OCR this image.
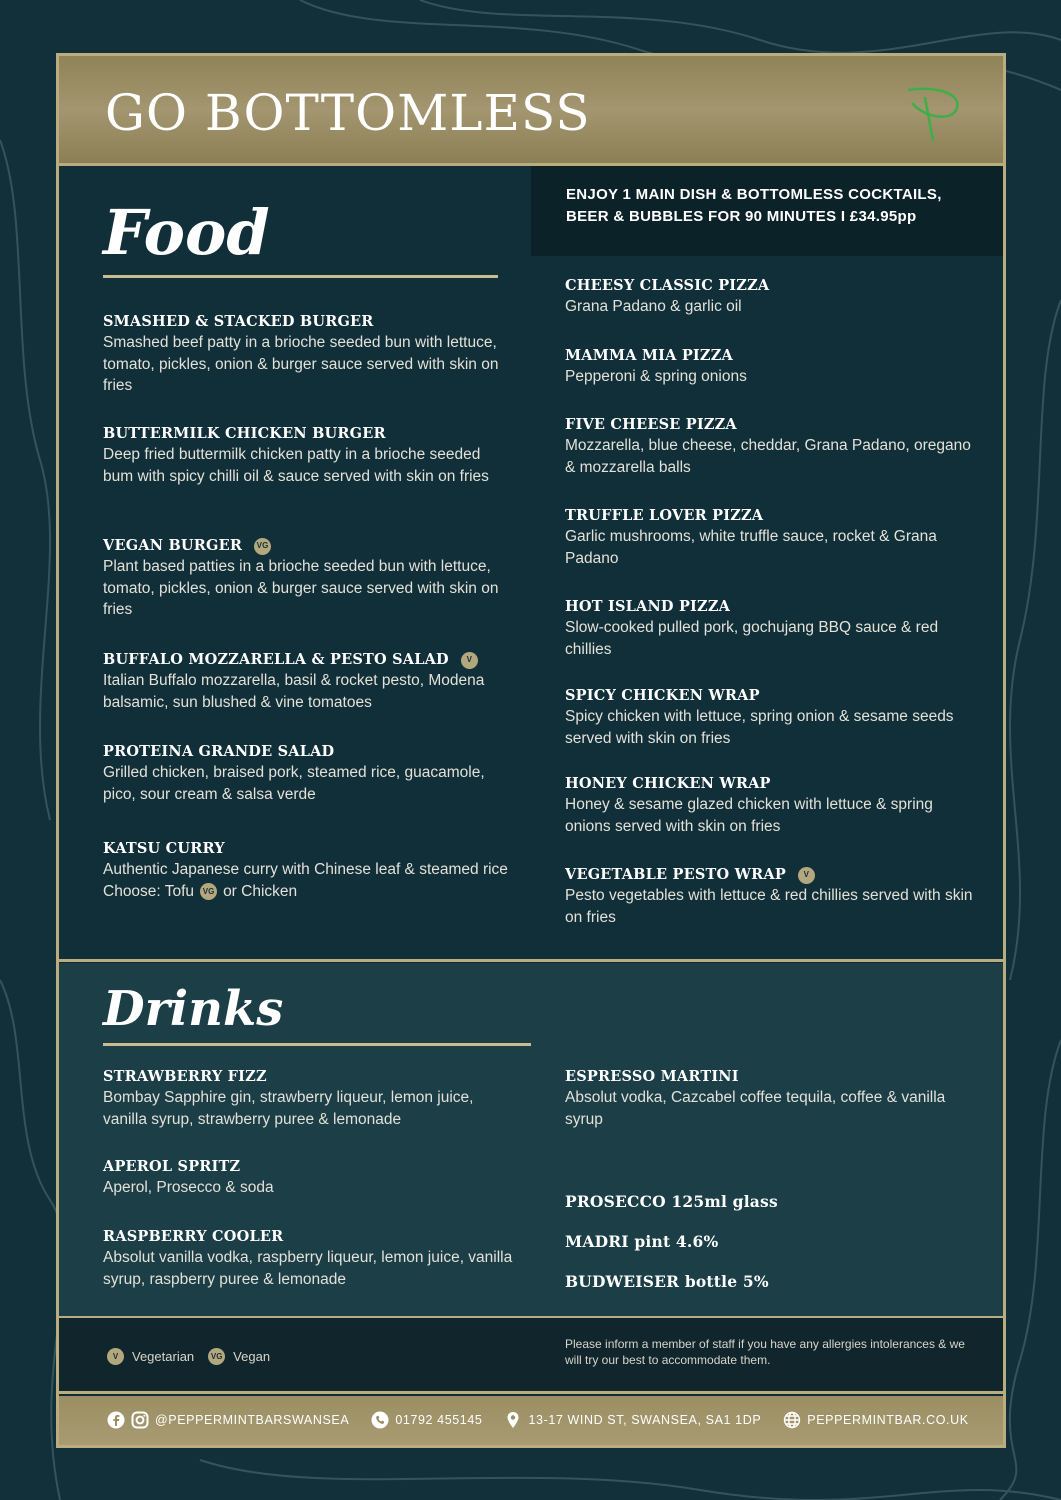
GO BOTTOMLESS
Food
ENJOY 1 MAIN DISH & BOTTOMLESS COCKTAILS, BEER & BUBBLES FOR 90 MINUTES I £34.95pp
SMASHED & STACKED BURGER
Smashed beef patty in a brioche seeded bun with lettuce, tomato, pickles, onion & burger sauce served with skin on fries
BUTTERMILK CHICKEN BURGER
Deep fried buttermilk chicken patty in a brioche seeded bum with spicy chilli oil & sauce served with skin on fries
VEGAN BURGER	VG
Plant based patties in a brioche seeded bun with lettuce, tomato, pickles, onion & burger sauce served with skin on fries
BUFFALO MOZZARELLA & PESTO SALAD	V
Italian Buffalo mozzarella, basil & rocket pesto, Modena balsamic, sun blushed & vine tomatoes
PROTEINA GRANDE SALAD
Grilled chicken, braised pork, steamed rice, guacamole, pico, sour cream & salsa verde
KATSU CURRY
Authentic Japanese curry with Chinese leaf & steamed rice
Choose: Tofu VG or Chicken
CHEESY CLASSIC PIZZA
Grana Padano & garlic oil
MAMMA MIA PIZZA
Pepperoni & spring onions
FIVE CHEESE PIZZA
Mozzarella, blue cheese, cheddar, Grana Padano, oregano & mozzarella balls
TRUFFLE LOVER PIZZA
Garlic mushrooms, white truffle sauce, rocket & Grana Padano
HOT ISLAND PIZZA
Slow-cooked pulled pork, gochujang BBQ sauce & red chillies
SPICY CHICKEN WRAP
Spicy chicken with lettuce, spring onion & sesame seeds served with skin on fries
HONEY CHICKEN WRAP
Honey & sesame glazed chicken with lettuce & spring onions served with skin on fries
VEGETABLE PESTO WRAP	V
Pesto vegetables with lettuce & red chillies served with skin on fries
Drinks
STRAWBERRY FIZZ
Bombay Sapphire gin, strawberry liqueur, lemon juice, vanilla syrup, strawberry puree & lemonade
APEROL SPRITZ
Aperol, Prosecco & soda
RASPBERRY COOLER
Absolut vanilla vodka, raspberry liqueur, lemon juice, vanilla syrup, raspberry puree & lemonade
ESPRESSO MARTINI
Absolut vodka, Cazcabel coffee tequila, coffee & vanilla syrup
PROSECCO 125ml glass
MADRI pint 4.6%
BUDWEISER bottle 5%
V	Vegetarian	VG Vegan
Please inform a member of staff if you have any allergies intolerances & we will try our best to accommodate them.
@PEPPERMINTBARSWANSEA	01792 455145	13-17 WIND ST, SWANSEA, SA1 1DP	PEPPERMINTBAR.CO.UK
